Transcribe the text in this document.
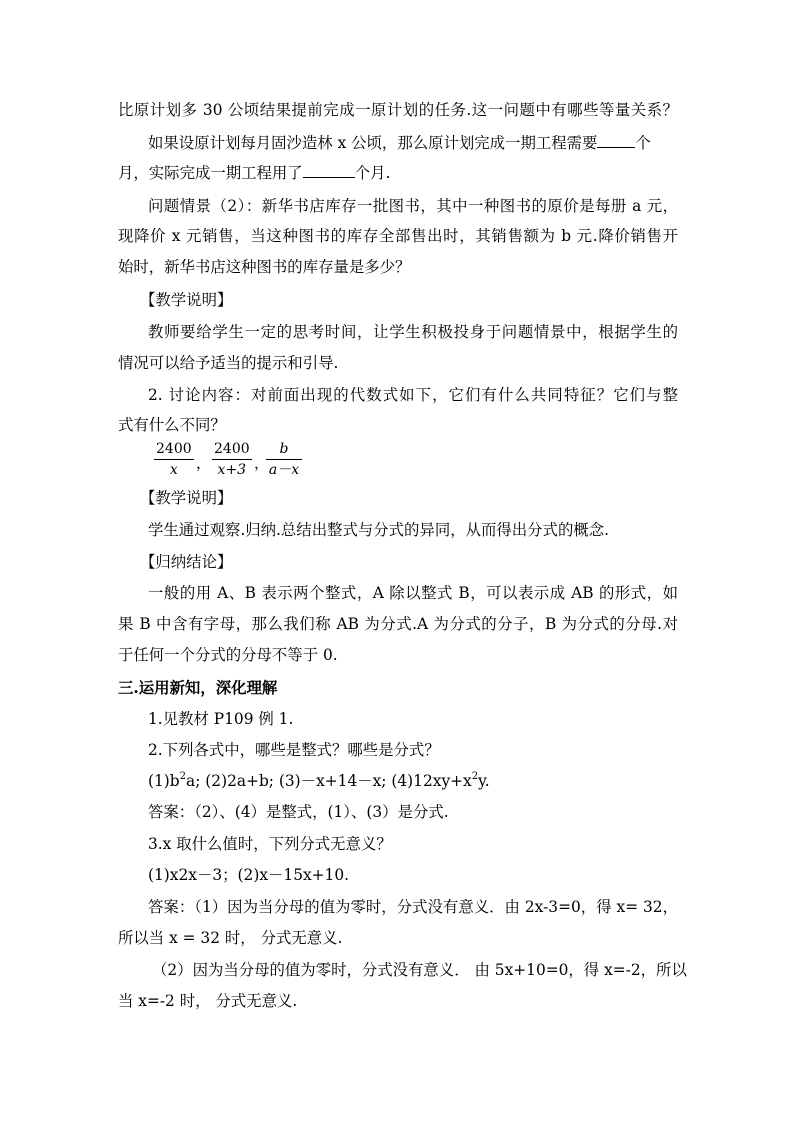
比原计划多 30 公顷结果提前完成一原计划的任务.这一问题中有哪些等量关系？
如果设原计划每月固沙造林 x 公顷，那么原计划完成一期工程需要 个
月，实际完成一期工程用了	个月.
问题情景（2）：新华书店库存一批图书，其中一种图书的原价是每册 a 元，
现降价 x 元销售，当这种图书的库存全部售出时，其销售额为 b 元.降价销售开
始时，新华书店这种图书的库存量是多少？
【教学说明】
教师要给学生一定的思考时间，让学生积极投身于问题情景中，根据学生的
情况可以给予适当的提示和引导.
2. 讨论内容：对前面出现的代数式如下，它们有什么共同特征？它们与整
式有什么不同？
2400
x	，
2400
x+3 ，
b
a－x
【教学说明】
学生通过观察.归纳.总结出整式与分式的异同，从而得出分式的概念.
【归纳结论】
一般的用 A、B 表示两个整式，A 除以整式 B，可以表示成 AB 的形式，如
果 B 中含有字母，那么我们称 AB 为分式.A 为分式的分子，B 为分式的分母.对
于任何一个分式的分母不等于 0.
三.运用新知，深化理解
1.见教材 P109 例 1.
2.下列各式中，哪些是整式？哪些是分式？
$(1)b^2a$; (2)2a+b; (3)－x+14－x; $(4)12xy+x^2y$.
答案：（2）、(4）是整式，(1）、(3）是分式.
3.x 取什么值时，下列分式无意义？
(1)x2x－3；(2)x－15x+10.
答案：（1）因为当分母的值为零时，分式没有意义．由 2x-3=0，得 x= 32，
所以当 x = 32 时， 分式无意义.
（2）因为当分母的值为零时，分式没有意义． 由 5x+10=0，得 x=-2，所以
当 x=-2 时， 分式无意义.
